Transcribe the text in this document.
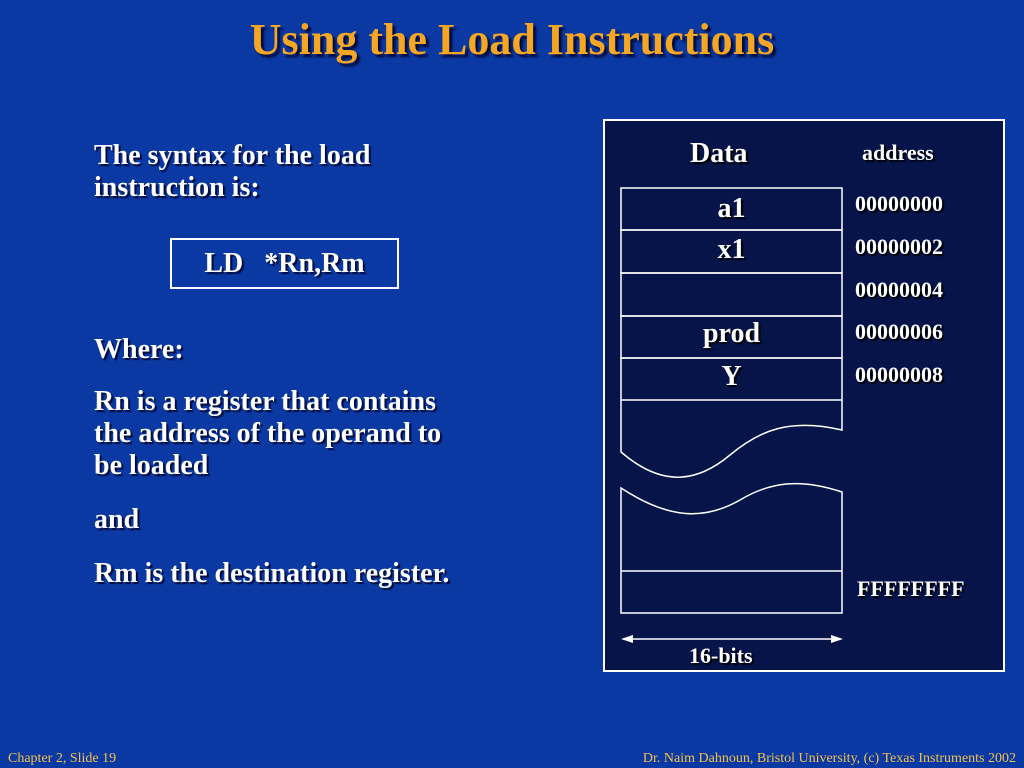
Using the Load Instructions
The syntax for the load
instruction is:
LD   *Rn,Rm
Where:
Rn is a register that contains
the address of the operand to
be loaded
and
Rm is the destination register.
Data	address
a1
x1
prod
Y
00000000
00000002
00000004
00000006
00000008
FFFFFFFF
16-bits
Chapter 2, Slide 19	Dr. Naim Dahnoun, Bristol University, (c) Texas Instruments 2002
